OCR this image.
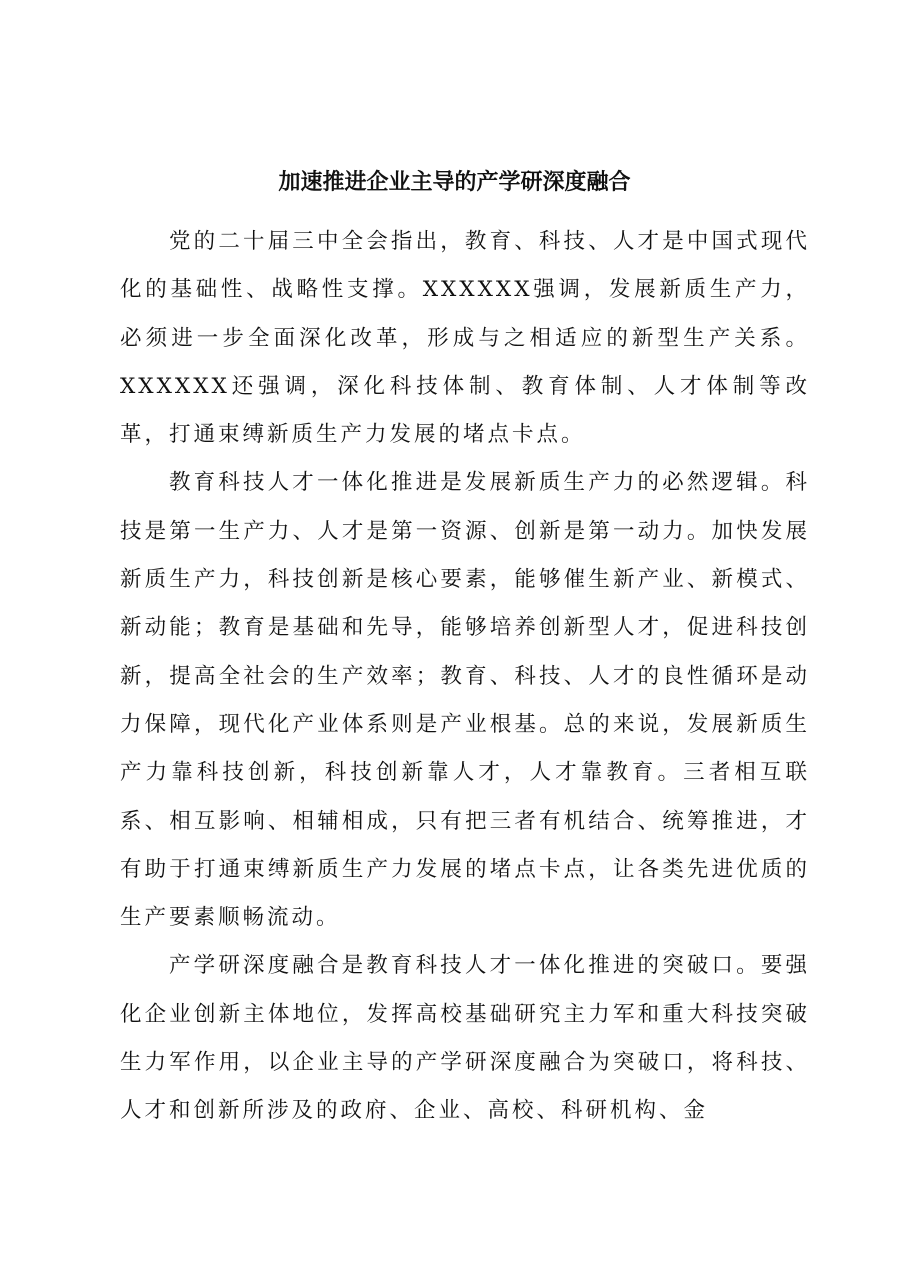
加速推进企业主导的产学研深度融合

党的二十届三中全会指出，教育、科技、人才是中国式现代化的基础性、战略性支撑。XXXXXX强调，发展新质生产力，必须进一步全面深化改革，形成与之相适应的新型生产关系。XXXXXX还强调，深化科技体制、教育体制、人才体制等改革，打通束缚新质生产力发展的堵点卡点。

教育科技人才一体化推进是发展新质生产力的必然逻辑。科技是第一生产力、人才是第一资源、创新是第一动力。加快发展新质生产力，科技创新是核心要素，能够催生新产业、新模式、新动能；教育是基础和先导，能够培养创新型人才，促进科技创新，提高全社会的生产效率；教育、科技、人才的良性循环是动力保障，现代化产业体系则是产业根基。总的来说，发展新质生产力靠科技创新，科技创新靠人才，人才靠教育。三者相互联系、相互影响、相辅相成，只有把三者有机结合、统筹推进，才有助于打通束缚新质生产力发展的堵点卡点，让各类先进优质的生产要素顺畅流动。

产学研深度融合是教育科技人才一体化推进的突破口。要强化企业创新主体地位，发挥高校基础研究主力军和重大科技突破生力军作用，以企业主导的产学研深度融合为突破口，将科技、人才和创新所涉及的政府、企业、高校、科研机构、金
